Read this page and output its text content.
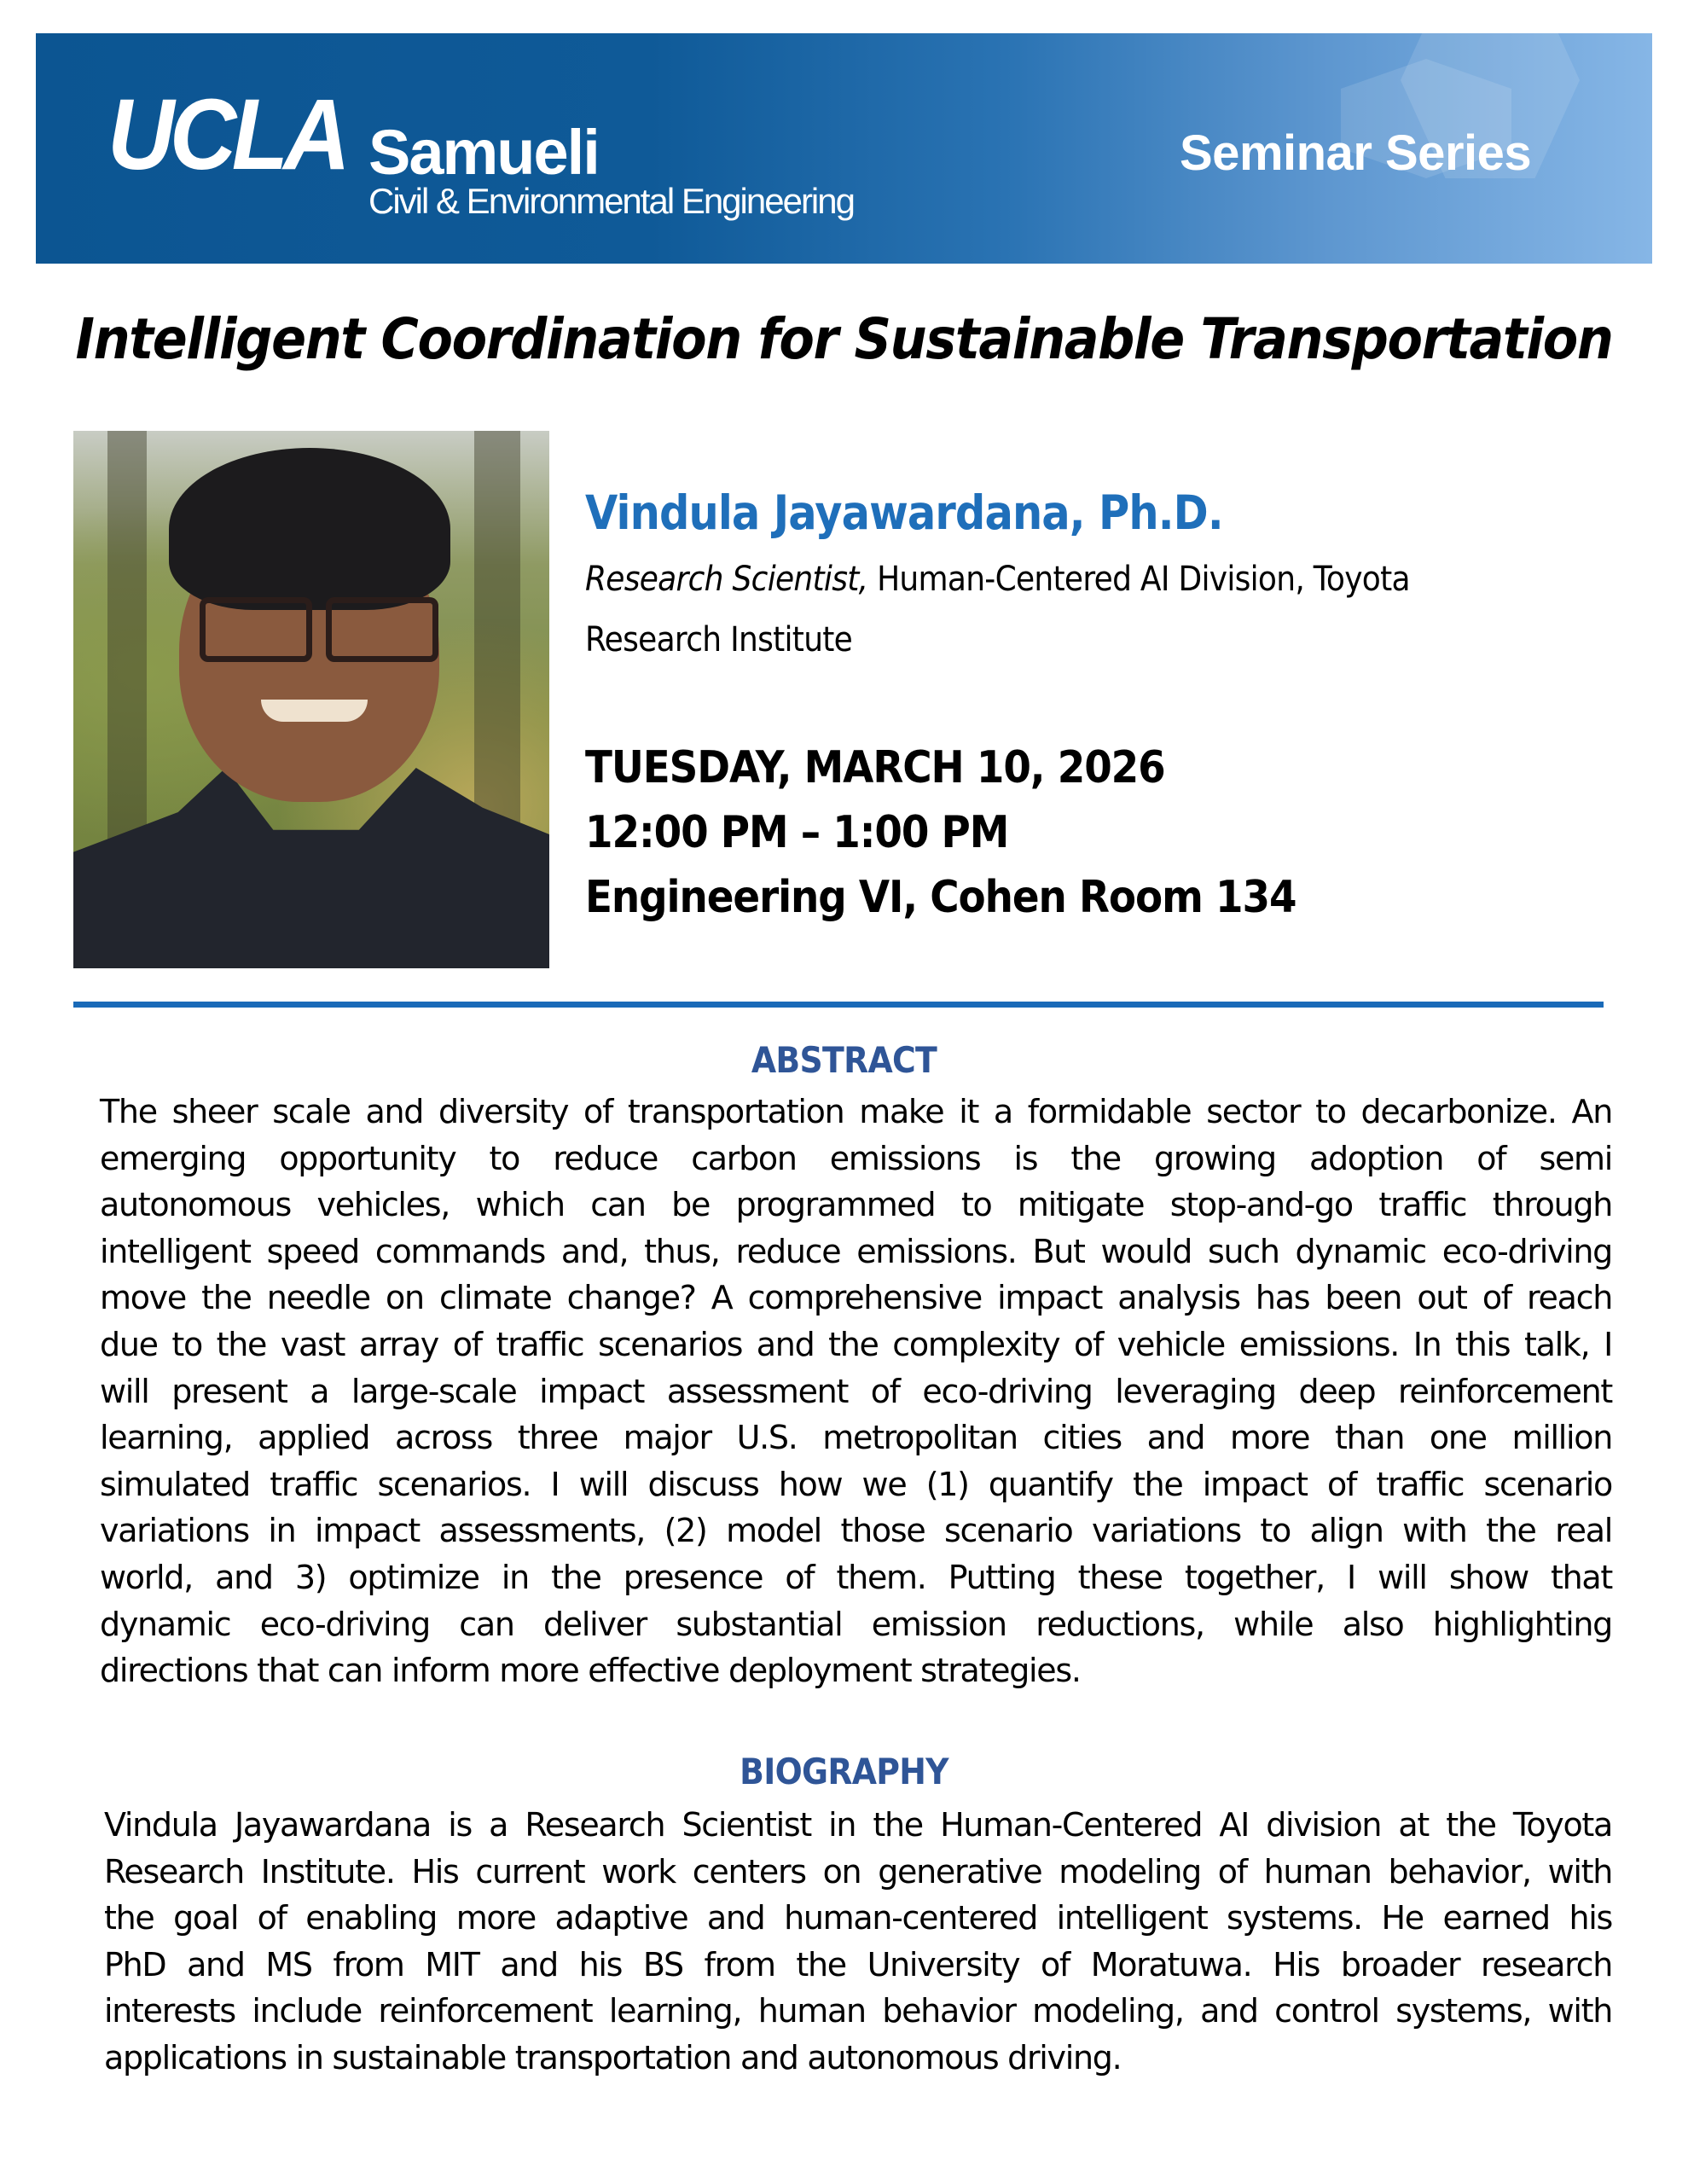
UCLA Samueli
Civil & Environmental Engineering
Seminar Series
Intelligent Coordination for Sustainable Transportation
Vindula Jayawardana, Ph.D.

Research Scientist, Human-Centered AI Division, Toyota
Research Institute

TUESDAY, MARCH 10, 2026
12:00 PM – 1:00 PM
Engineering VI, Cohen Room 134
ABSTRACT
The sheer scale and diversity of transportation make it a formidable sector to decarbonize. An
emerging opportunity to reduce carbon emissions is the growing adoption of semi
autonomous vehicles, which can be programmed to mitigate stop-and-go traffic through
intelligent speed commands and, thus, reduce emissions. But would such dynamic eco-driving
move the needle on climate change? A comprehensive impact analysis has been out of reach
due to the vast array of traffic scenarios and the complexity of vehicle emissions. In this talk, I
will present a large-scale impact assessment of eco-driving leveraging deep reinforcement
learning, applied across three major U.S. metropolitan cities and more than one million
simulated traffic scenarios. I will discuss how we (1) quantify the impact of traffic scenario
variations in impact assessments, (2) model those scenario variations to align with the real
world, and 3) optimize in the presence of them. Putting these together, I will show that
dynamic eco-driving can deliver substantial emission reductions, while also highlighting
directions that can inform more effective deployment strategies.
BIOGRAPHY
Vindula Jayawardana is a Research Scientist in the Human-Centered AI division at the Toyota
Research Institute. His current work centers on generative modeling of human behavior, with
the goal of enabling more adaptive and human-centered intelligent systems. He earned his
PhD and MS from MIT and his BS from the University of Moratuwa. His broader research
interests include reinforcement learning, human behavior modeling, and control systems, with
applications in sustainable transportation and autonomous driving.
